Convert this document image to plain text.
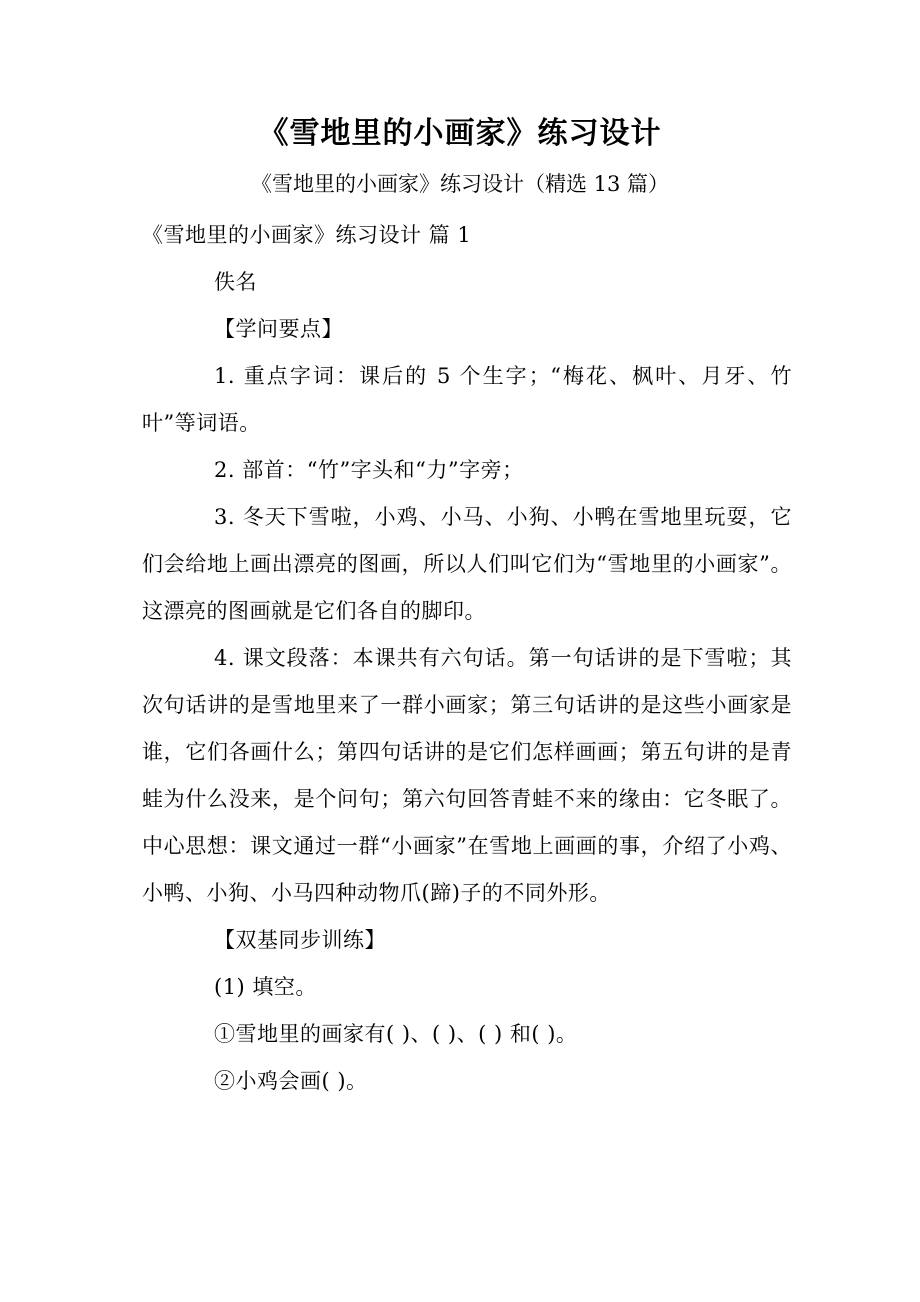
《雪地里的小画家》练习设计

《雪地里的小画家》练习设计（精选 13 篇）

《雪地里的小画家》练习设计 篇 1

佚名

【学问要点】

1. 重点字词：课后的 5 个生字；“梅花、枫叶、月牙、竹叶”等词语。

2. 部首：“竹”字头和“力”字旁；

3. 冬天下雪啦，小鸡、小马、小狗、小鸭在雪地里玩耍，它们会给地上画出漂亮的图画，所以人们叫它们为“雪地里的小画家”。这漂亮的图画就是它们各自的脚印。

4. 课文段落：本课共有六句话。第一句话讲的是下雪啦；其次句话讲的是雪地里来了一群小画家；第三句话讲的是这些小画家是谁，它们各画什么；第四句话讲的是它们怎样画画；第五句讲的是青蛙为什么没来，是个问句；第六句回答青蛙不来的缘由：它冬眠了。中心思想：课文通过一群“小画家”在雪地上画画的事，介绍了小鸡、小鸭、小狗、小马四种动物爪(蹄)子的不同外形。

【双基同步训练】

(1) 填空。

①雪地里的画家有( )、( )、( ) 和( )。

②小鸡会画( )。
